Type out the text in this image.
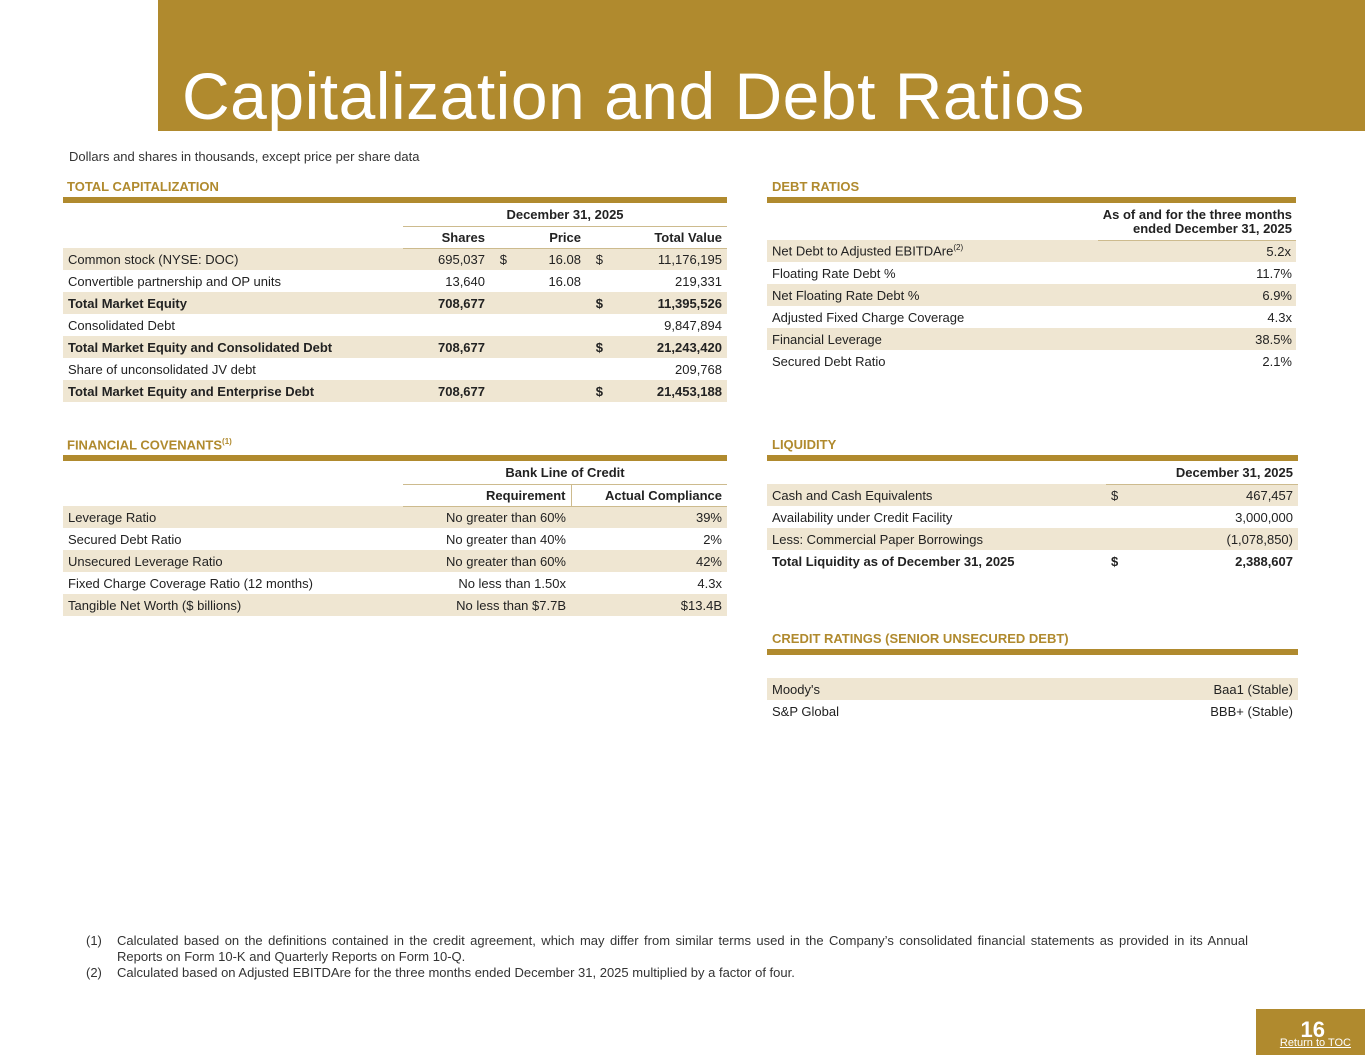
Capitalization and Debt Ratios
Dollars and shares in thousands, except price per share data
TOTAL CAPITALIZATION
	December 31, 2025				
	Shares		Price		Total Value
Common stock (NYSE: DOC)	695,037	$	16.08	$	11,176,195
Convertible partnership and OP units	13,640		16.08		219,331
Total Market Equity	708,677			$	11,395,526
Consolidated Debt					9,847,894
Total Market Equity and Consolidated Debt	708,677			$	21,243,420
Share of unconsolidated JV debt					209,768
Total Market Equity and Enterprise Debt	708,677			$	21,453,188
DEBT RATIOS

	As of and for the three months
ended December 31, 2025

Net Debt to Adjusted EBITDAre$^{(2)}$	5.2x
Floating Rate Debt %	11.7%
Net Floating Rate Debt %	6.9%
Adjusted Fixed Charge Coverage	4.3x
Financial Leverage	38.5%
Secured Debt Ratio	2.1%
FINANCIAL COVENANTS$^{(1)}$
	Bank Line of Credit	
	Requirement	Actual Compliance
Leverage Ratio	No greater than 60%	39%
Secured Debt Ratio	No greater than 40%	2%
Unsecured Leverage Ratio	No greater than 60%	42%
Fixed Charge Coverage Ratio (12 months)	No less than 1.50x	4.3x
Tangible Net Worth ($ billions)	No less than $7.7B	$13.4B
LIQUIDITY
	December 31, 2025	
Cash and Cash Equivalents	$	467,457
Availability under Credit Facility		3,000,000
Less: Commercial Paper Borrowings		(1,078,850)
Total Liquidity as of December 31, 2025	$	2,388,607
CREDIT RATINGS (SENIOR UNSECURED DEBT)
Moody's	Baa1 (Stable)
S&P Global	BBB+ (Stable)
(1)	Calculated based on the definitions contained in the credit agreement, which may differ from similar terms used in the Company’s consolidated financial statements as provided in its Annual Reports on Form 10-K and Quarterly Reports on Form 10-Q.
(2)	Calculated based on Adjusted EBITDAre for the three months ended December 31, 2025 multiplied by a factor of four.
16
Return to TOC
